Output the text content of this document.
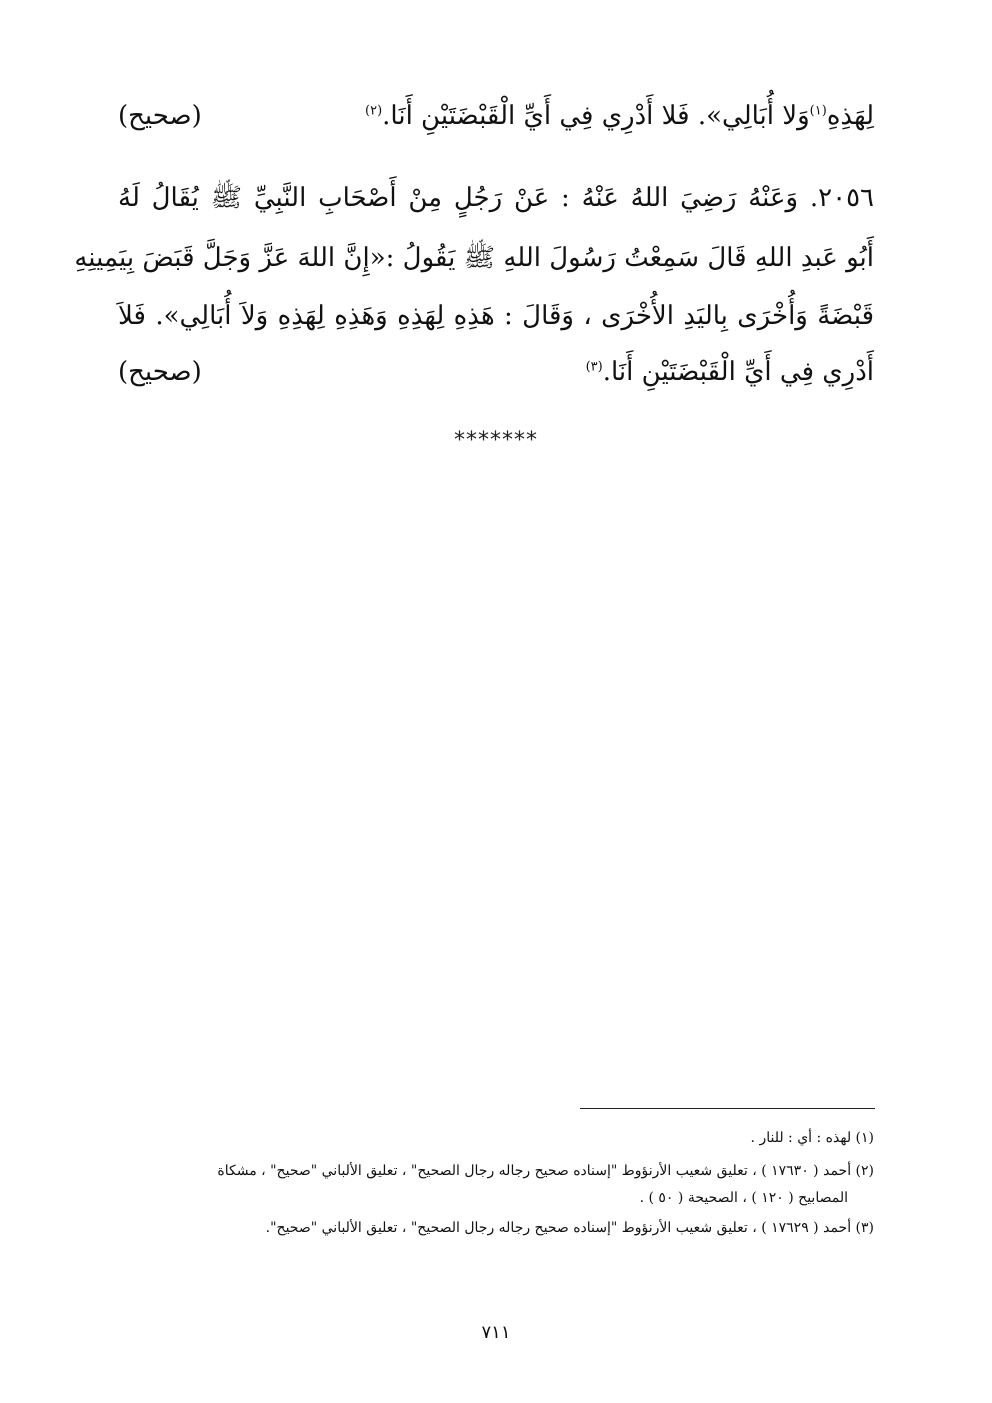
لِهَذِهِ$^{(١)}$وَلا أُبَالِي». فَلا أَدْرِي فِي أَيِّ الْقَبْضَتَيْنِ أَنَا.$^{(٢)}$
(صحيح)
٢٠٥٦. وَعَنْهُ رَضِيَ اللهُ عَنْهُ : عَنْ رَجُلٍ مِنْ أَصْحَابِ النَّبِيِّ ﷺ يُقَالُ لَهُ
أَبُو عَبدِ اللهِ قَالَ سَمِعْتُ رَسُولَ اللهِ ﷺ يَقُولُ :«إِنَّ اللهَ عَزَّ وَجَلَّ قَبَضَ بِيَمِينِهِ
قَبْضَةً وَأُخْرَى بِاليَدِ الأُخْرَى ، وَقَالَ : هَذِهِ لِهَذِهِ وَهَذِهِ لِهَذِهِ وَلاَ أُبَالِي». فَلاَ
أَدْرِي فِي أَيِّ الْقَبْضَتَيْنِ أَنَا.$^{(٣)}$
(صحيح)
*******
(١) لهذه : أي : للنار .
(٢) أحمد ( ١٧٦٣٠ ) ، تعليق شعيب الأرنؤوط "إسناده صحيح رجاله رجال الصحيح" ، تعليق الألباني "صحيح" ، مشكاة
المصابيح ( ١٢٠ ) ، الصحيحة ( ٥٠ ) .
(٣) أحمد ( ١٧٦٢٩ ) ، تعليق شعيب الأرنؤوط "إسناده صحيح رجاله رجال الصحيح" ، تعليق الألباني "صحيح".
٧١١
